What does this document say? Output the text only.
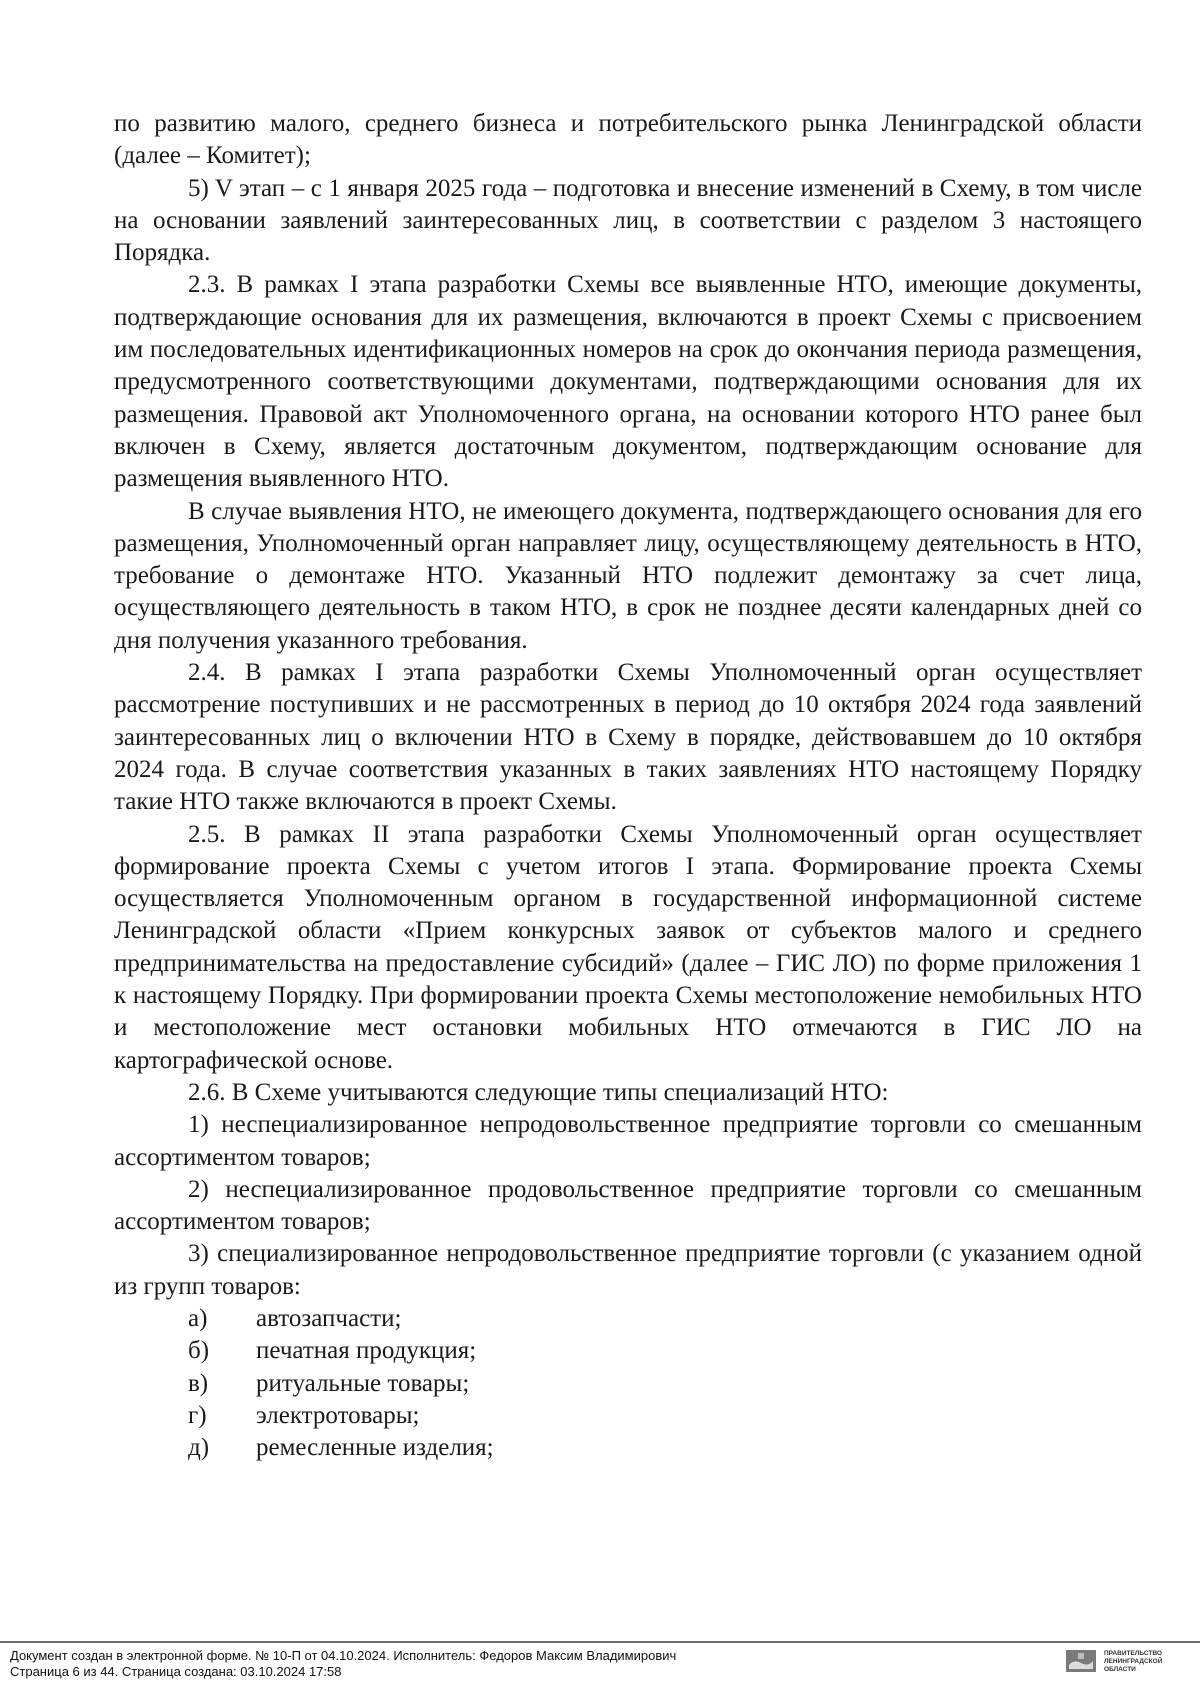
по развитию малого, среднего бизнеса и потребительского рынка Ленинградской области (далее – Комитет);

5) V этап – с 1 января 2025 года – подготовка и внесение изменений в Схему, в том числе на основании заявлений заинтересованных лиц, в соответствии с разделом 3 настоящего Порядка.

2.3. В рамках I этапа разработки Схемы все выявленные НТО, имеющие документы, подтверждающие основания для их размещения, включаются в проект Схемы с присвоением им последовательных идентификационных номеров на срок до окончания периода размещения, предусмотренного соответствующими документами, подтверждающими основания для их размещения. Правовой акт Уполномоченного органа, на основании которого НТО ранее был включен в Схему, является достаточным документом, подтверждающим основание для размещения выявленного НТО.

В случае выявления НТО, не имеющего документа, подтверждающего основания для его размещения, Уполномоченный орган направляет лицу, осуществляющему деятельность в НТО, требование о демонтаже НТО. Указанный НТО подлежит демонтажу за счет лица, осуществляющего деятельность в таком НТО, в срок не позднее десяти календарных дней со дня получения указанного требования.

2.4. В рамках I этапа разработки Схемы Уполномоченный орган осуществляет рассмотрение поступивших и не рассмотренных в период до 10 октября 2024 года заявлений заинтересованных лиц о включении НТО в Схему в порядке, действовавшем до 10 октября 2024 года. В случае соответствия указанных в таких заявлениях НТО настоящему Порядку такие НТО также включаются в проект Схемы.

2.5. В рамках II этапа разработки Схемы Уполномоченный орган осуществляет формирование проекта Схемы с учетом итогов I этапа. Формирование проекта Схемы осуществляется Уполномоченным органом в государственной информационной системе Ленинградской области «Прием конкурсных заявок от субъектов малого и среднего предпринимательства на предоставление субсидий» (далее – ГИС ЛО) по форме приложения 1 к настоящему Порядку. При формировании проекта Схемы местоположение немобильных НТО и местоположение мест остановки мобильных НТО отмечаются в ГИС ЛО на картографической основе.

2.6. В Схеме учитываются следующие типы специализаций НТО:

1) неспециализированное непродовольственное предприятие торговли со смешанным ассортиментом товаров;

2) неспециализированное продовольственное предприятие торговли со смешанным ассортиментом товаров;

3) специализированное непродовольственное предприятие торговли (с указанием одной из групп товаров:

а)	автозапчасти;
б)	печатная продукция;
в)	ритуальные товары;
г)	электротовары;
д)	ремесленные изделия;
Документ создан в электронной форме. № 10-П от 04.10.2024. Исполнитель: Федоров Максим Владимирович
Страница 6 из 44. Страница создана: 03.10.2024 17:58
ПРАВИТЕЛЬСТВО ЛЕНИНГРАДСКОЙ ОБЛАСТИ
